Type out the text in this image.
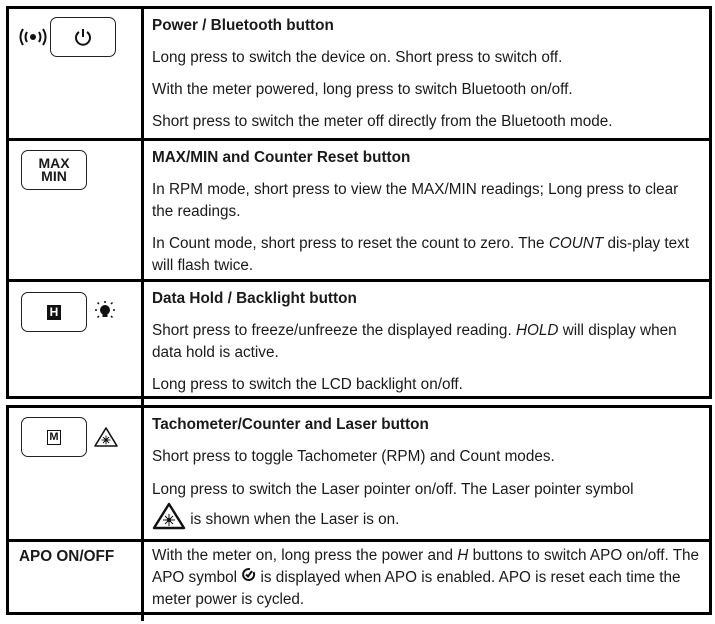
Power / Bluetooth button
Long press to switch the device on. Short press to switch off.
With the meter powered, long press to switch Bluetooth on/off.
Short press to switch the meter off directly from the Bluetooth mode.
MAX
MIN
MAX/MIN and Counter Reset button
In RPM mode, short press to view the MAX/MIN readings; Long press to clear the readings.
In Count mode, short press to reset the count to zero. The COUNT dis-play text will flash twice.
H
Data Hold / Backlight button
Short press to freeze/unfreeze the displayed reading. HOLD will display when data hold is active.
Long press to switch the LCD backlight on/off.
M
Tachometer/Counter and Laser button
Short press to toggle Tachometer (RPM) and Count modes.
Long press to switch the Laser pointer on/off. The Laser pointer symbol
is shown when the Laser is on.
APO ON/OFF With the meter on, long press the power and H buttons to switch APO on/off. The APO symbol  is displayed when APO is enabled. APO is reset each time the meter power is cycled.
